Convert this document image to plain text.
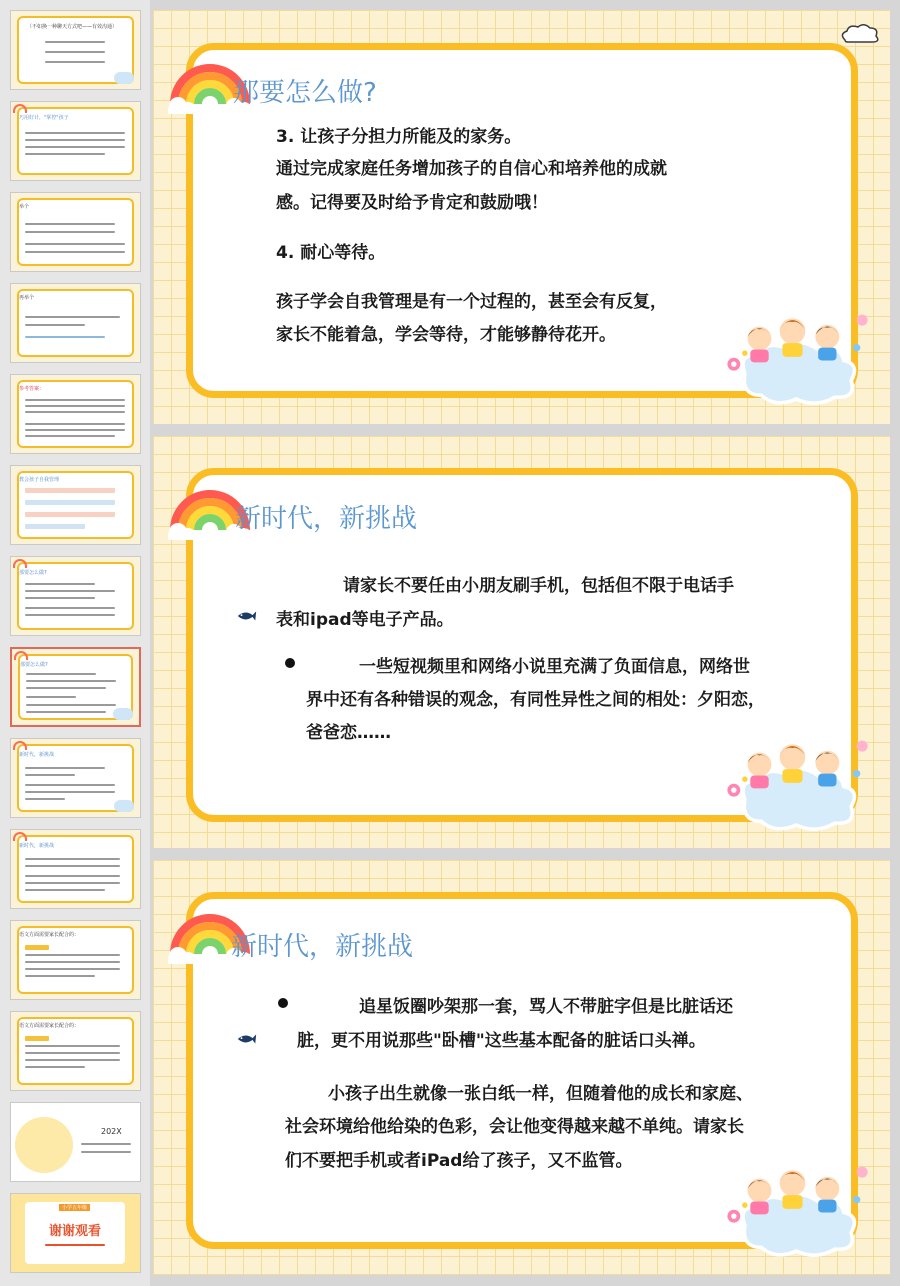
（不如换一种聊天方式吧——有效沟通）
巧用好计，"掌控"孩子
举个
再举个
参考答案：
教会孩子自我管理
那要怎么做?
那要怎么做?
新时代，新挑战
新时代，新挑战
语文方面需要家长配合的：
语文方面需要家长配合的：
202X
小学五年级
谢谢观看
那要怎么做?
3. 让孩子分担力所能及的家务。
通过完成家庭任务增加孩子的自信心和培养他的成就
感。记得要及时给予肯定和鼓励哦！
4. 耐心等待。
孩子学会自我管理是有一个过程的，甚至会有反复，
家长不能着急，学会等待，才能够静待花开。
新时代，新挑战
请家长不要任由小朋友刷手机，包括但不限于电话手
表和ipad等电子产品。
一些短视频里和网络小说里充满了负面信息，网络世
界中还有各种错误的观念，有同性异性之间的相处：夕阳恋，
爸爸恋……
新时代，新挑战
追星饭圈吵架那一套，骂人不带脏字但是比脏话还
脏，更不用说那些"卧槽"这些基本配备的脏话口头禅。
小孩子出生就像一张白纸一样，但随着他的成长和家庭、
社会环境给他给染的色彩，会让他变得越来越不单纯。请家长
们不要把手机或者iPad给了孩子，又不监管。
